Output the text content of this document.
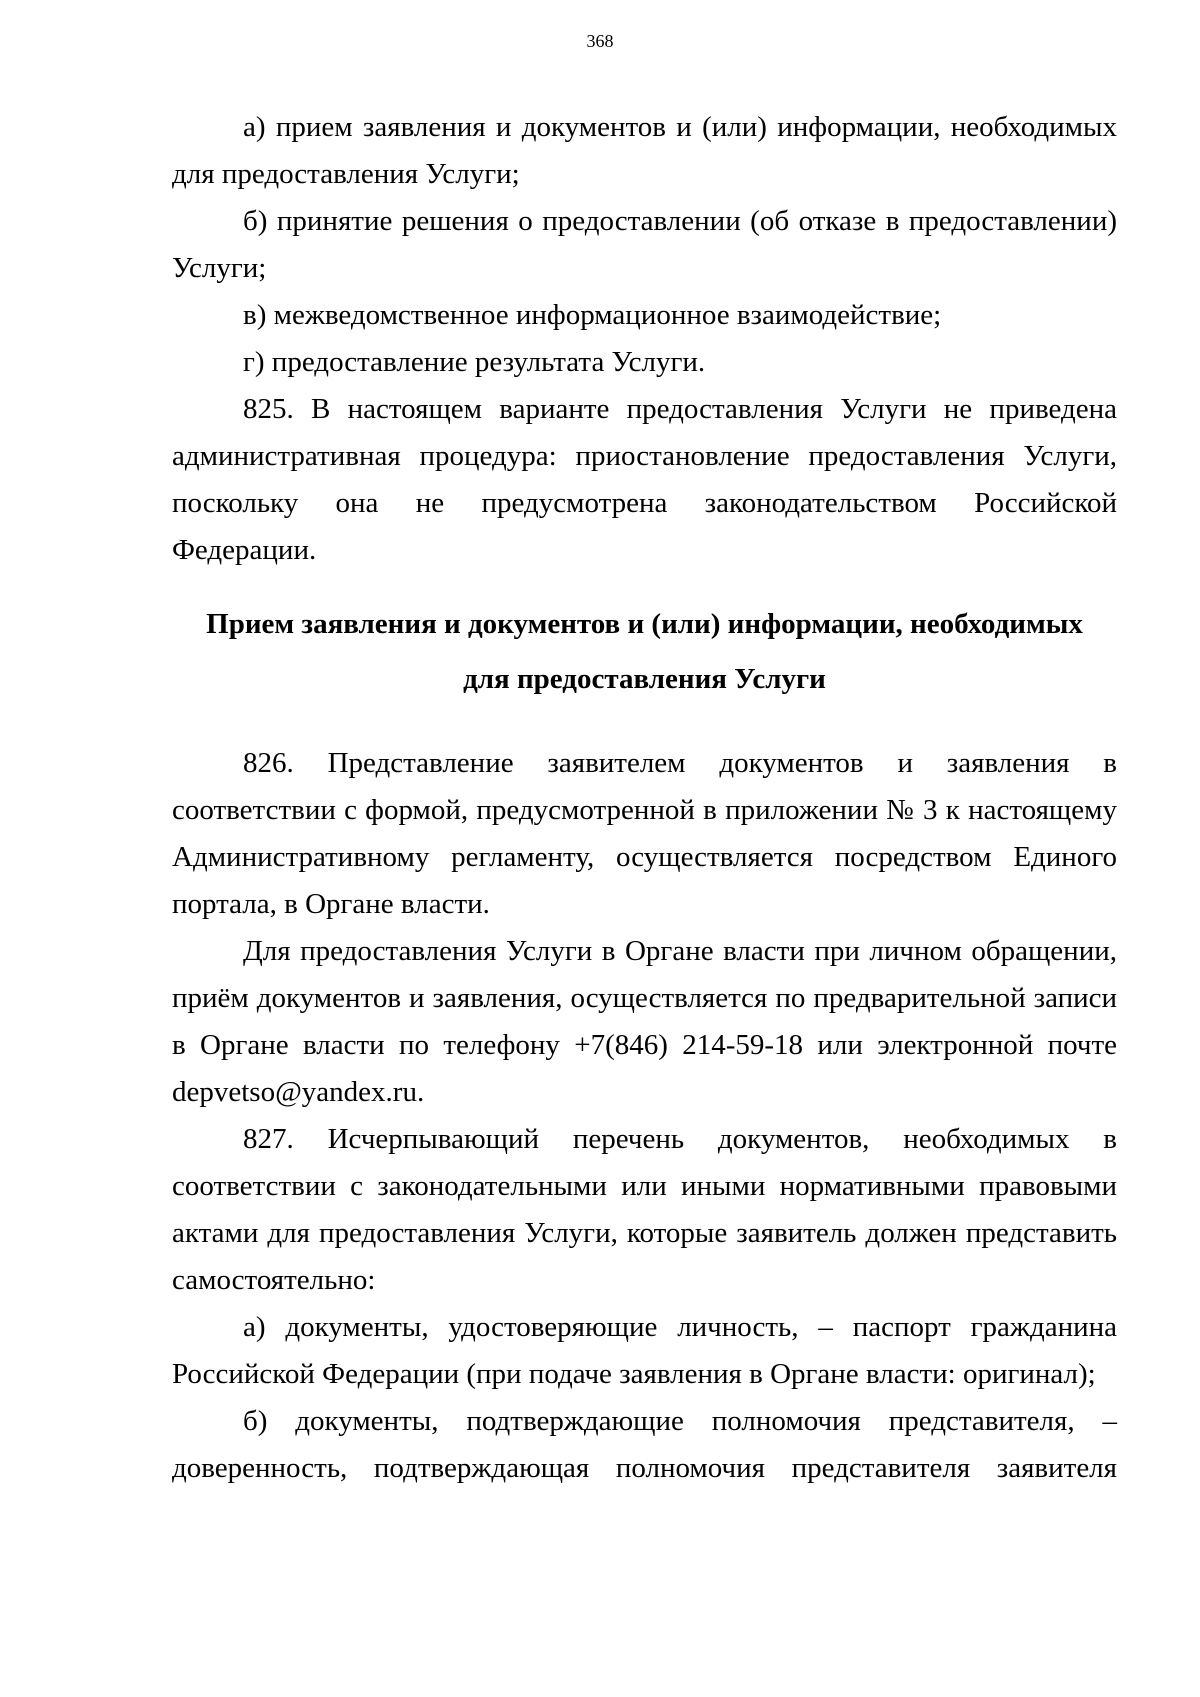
368

а) прием заявления и документов и (или) информации, необходимых для предоставления Услуги;

б) принятие решения о предоставлении (об отказе в предоставлении) Услуги;

в) межведомственное информационное взаимодействие;

г) предоставление результата Услуги.

825. В настоящем варианте предоставления Услуги не приведена административная процедура: приостановление предоставления Услуги, поскольку она не предусмотрена законодательством Российской Федерации.

Прием заявления и документов и (или) информации, необходимых
для предоставления Услуги

826. Представление заявителем документов и заявления в соответствии с формой, предусмотренной в приложении № 3 к настоящему Административному регламенту, осуществляется посредством Единого портала, в Органе власти.

Для предоставления Услуги в Органе власти при личном обращении, приём документов и заявления, осуществляется по предварительной записи в Органе власти по телефону +7(846) 214-59-18 или электронной почте depvetso@yandex.ru.

827. Исчерпывающий перечень документов, необходимых в соответствии с законодательными или иными нормативными правовыми актами для предоставления Услуги, которые заявитель должен представить самостоятельно:

а) документы, удостоверяющие личность, – паспорт гражданина Российской Федерации (при подаче заявления в Органе власти: оригинал);

б) документы, подтверждающие полномочия представителя, – доверенность, подтверждающая полномочия представителя заявителя
